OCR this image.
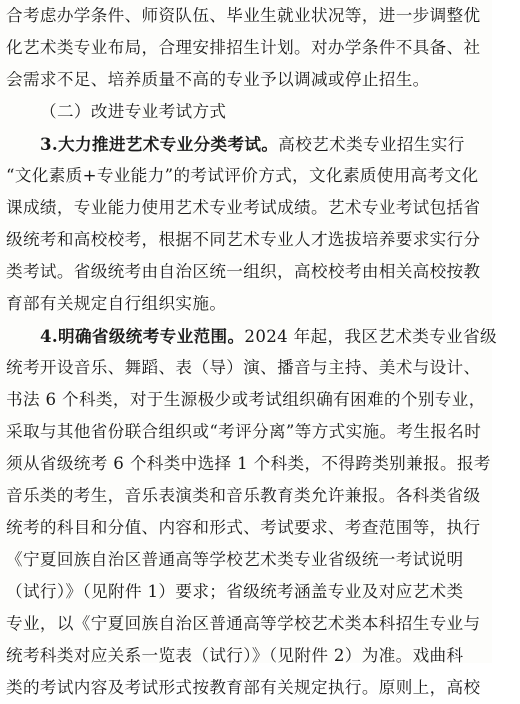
合考虑办学条件、师资队伍、毕业生就业状况等，进一步调整优
化艺术类专业布局，合理安排招生计划。对办学条件不具备、社
会需求不足、培养质量不高的专业予以调减或停止招生。
（二）改进专业考试方式
3.大力推进艺术专业分类考试。高校艺术类专业招生实行
“文化素质+专业能力”的考试评价方式，文化素质使用高考文化
课成绩，专业能力使用艺术专业考试成绩。艺术专业考试包括省
级统考和高校校考，根据不同艺术专业人才选拔培养要求实行分
类考试。省级统考由自治区统一组织，高校校考由相关高校按教
育部有关规定自行组织实施。
4.明确省级统考专业范围。2024 年起，我区艺术类专业省级
统考开设音乐、舞蹈、表（导）演、播音与主持、美术与设计、
书法 6 个科类，对于生源极少或考试组织确有困难的个别专业，
采取与其他省份联合组织或“考评分离”等方式实施。考生报名时
须从省级统考 6 个科类中选择 1 个科类，不得跨类别兼报。报考
音乐类的考生，音乐表演类和音乐教育类允许兼报。各科类省级
统考的科目和分值、内容和形式、考试要求、考查范围等，执行
《宁夏回族自治区普通高等学校艺术类专业省级统一考试说明
（试行）》（见附件 1）要求；省级统考涵盖专业及对应艺术类
专业，以《宁夏回族自治区普通高等学校艺术类本科招生专业与
统考科类对应关系一览表（试行）》（见附件 2）为准。戏曲科
类的考试内容及考试形式按教育部有关规定执行。原则上，高校
